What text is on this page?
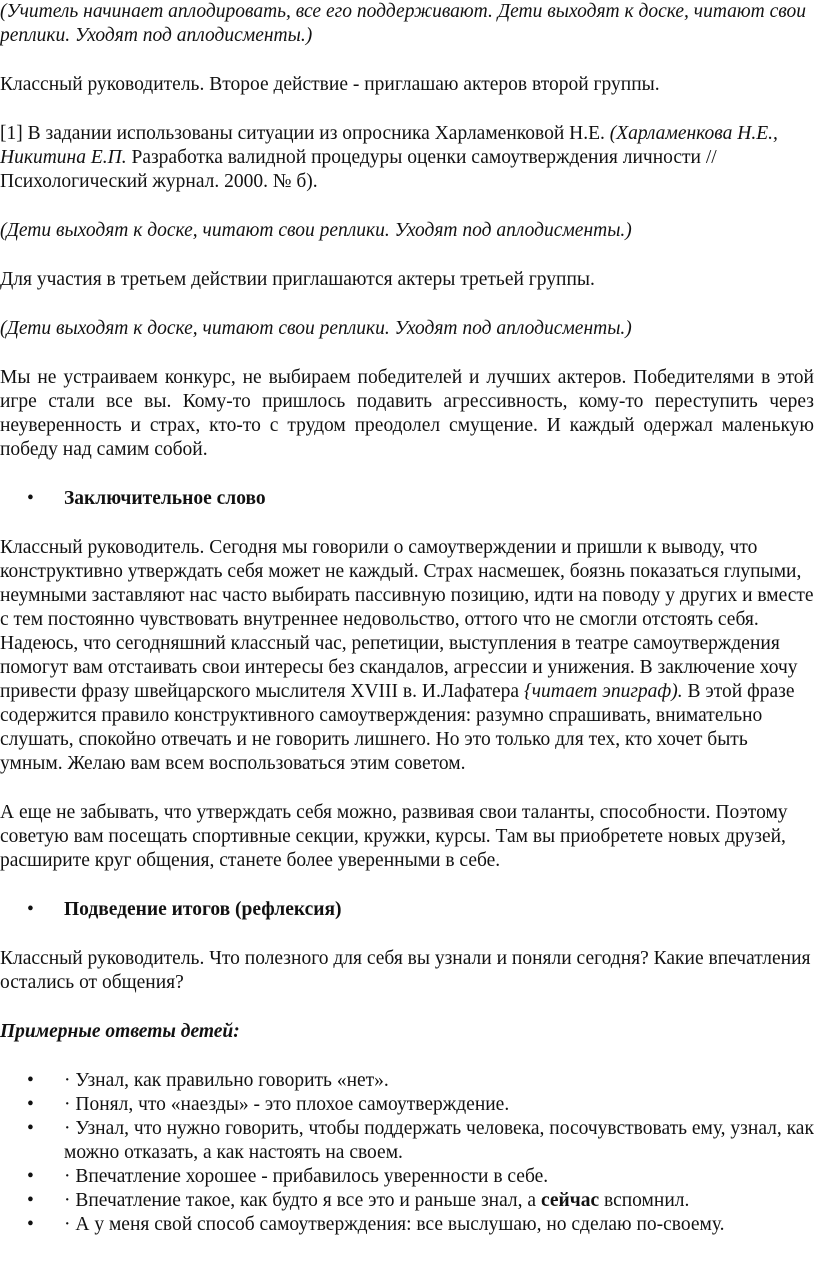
(Учитель начинает аплодировать, все его поддерживают. Дети выходят к доске, читают свои реплики. Уходят под аплодисменты.)

Классный руководитель. Второе действие - приглашаю актеров второй группы.

[1] В задании использованы ситуации из опросника Харламенковой Н.Е. (Харламенкова Н.Е., Никитина Е.П. Разработка валидной процедуры оценки самоутверждения личности // Психологический журнал. 2000. № б).

(Дети выходят к доске, читают свои реплики. Уходят под аплодисменты.)

Для участия в третьем действии приглашаются актеры третьей группы.

(Дети выходят к доске, читают свои реплики. Уходят под аплодисменты.)

Мы не устраиваем конкурс, не выбираем победителей и лучших актеров. Победителями в этой игре стали все вы. Кому-то пришлось подавить агрессивность, кому-то переступить через неуверенность и страх, кто-то с трудом преодолел смущение. И каждый одержал маленькую победу над самим собой.

• Заключительное слово

Классный руководитель. Сегодня мы говорили о самоутверждении и пришли к выводу, что конструктивно утверждать себя может не каждый. Страх насмешек, боязнь показаться глупыми, неумными заставляют нас часто выбирать пассивную позицию, идти на поводу у других и вместе с тем постоянно чувствовать внутреннее недовольство, оттого что не смогли отстоять себя. Надеюсь, что сегодняшний классный час, репетиции, выступления в театре самоутверждения помогут вам отстаивать свои интересы без скандалов, агрессии и унижения. В заключение хочу привести фразу швейцарского мыслителя XVIII в. И.Лафатера {читает эпиграф). В этой фразе содержится правило конструктивного самоутверждения: разумно спрашивать, внимательно слушать, спокойно отвечать и не говорить лишнего. Но это только для тех, кто хочет быть умным. Желаю вам всем воспользоваться этим советом.

А еще не забывать, что утверждать себя можно, развивая свои таланты, способности. Поэтому советую вам посещать спортивные секции, кружки, курсы. Там вы приобретете новых друзей, расширите круг общения, станете более уверенными в себе.

• Подведение итогов (рефлексия)

Классный руководитель. Что полезного для себя вы узнали и поняли сегодня? Какие впечатления остались от общения?

Примерные ответы детей:

• · Узнал, как правильно говорить «нет».
• · Понял, что «наезды» - это плохое самоутверждение.
• · Узнал, что нужно говорить, чтобы поддержать человека, посочувствовать ему, узнал, как можно отказать, а как настоять на своем.
• · Впечатление хорошее - прибавилось уверенности в себе.
• · Впечатление такое, как будто я все это и раньше знал, а сейчас вспомнил.
• · А у меня свой способ самоутверждения: все выслушаю, но сделаю по-своему.
